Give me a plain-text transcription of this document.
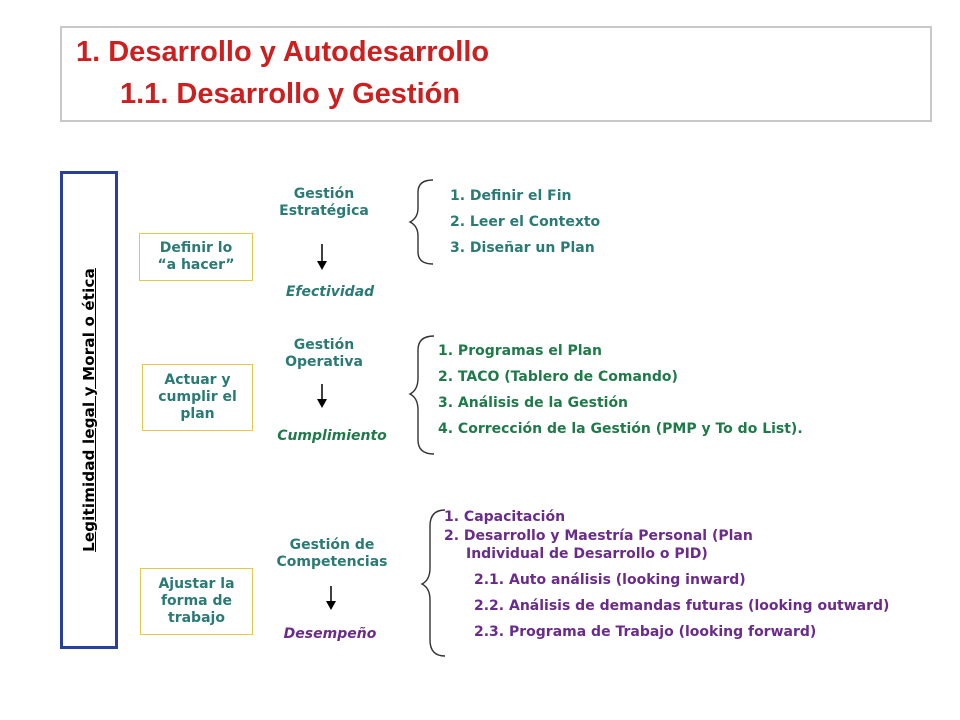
1. Desarrollo y Autodesarrollo
1.1. Desarrollo y Gestión
Legitimidad legal y Moral o ética
Definir lo
“a hacer”
Actuar y
cumplir el
plan
Ajustar la
forma de
trabajo
Gestión
Estratégica
Gestión
Operativa
Gestión de
Competencias
Efectividad
Cumplimiento
Desempeño
1. Definir el Fin
2. Leer el Contexto
3. Diseñar un Plan
1. Programas el Plan
2. TACO (Tablero de Comando)
3. Análisis de la Gestión
4. Corrección de la Gestión (PMP y To do List).
1. Capacitación
2. Desarrollo y Maestría Personal (Plan
Individual de Desarrollo o PID)
2.1. Auto análisis (looking inward)
2.2. Análisis de demandas futuras (looking outward)
2.3. Programa de Trabajo (looking forward)
